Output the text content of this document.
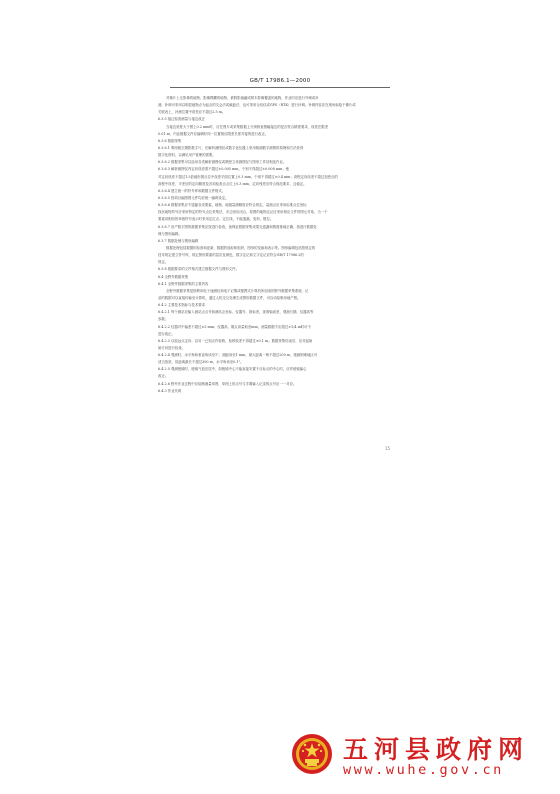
GB/T 17986.1—2000
对像片上无影像的地物、影像模糊的地物、被阴影遮蔽或树木影像覆盖的地物，作业时应进行外调或补
测，补调可采用以明显地物点为起点的交会法或截距法，也可采用全站仪或GPS（RTK）进行补调。补调内容应在现场标绘于像片或
关联表上，补测位置中误差应不超过2.5 m。
6.3.5 接边检查测量与接边改正
当接边宽度大于图上0.2 mm时，应在图片或采集数据上分别核查图幅接边的是否符合精度要求，误差在限差
0.01 m，内业数据文件应编辑好同一位置相应限差长度对接的进行改正。
6.3.6 数据采集
6.3.6.1 利用航空摄影数字片，在解析测图仪或数字化仪器上采用航测数字测图的原理和方法获得
数字化资料，以满足用户管理的需要。
6.3.6.2 数据采集可以选用各类解析测图仪或精密立体测图仪与图形工作站相连作业。
6.3.6.3 解析测图仪内定向误差需不超过±0.005 mm，个别不得超过±0.008 mm；绝
对定向误差不超过1.5倍地形图点位中误差平面位置上0.3 mm，个别不得超过±0.4 mm；高程定向误差不超过加密点的
高程中误差，平差后的定向精度及各项检查点点位上0.3 mm，定向残差应符合规范要求，且稳定。
6.3.6.4 建立统一的符号库和数据文件格式。
6.3.6.5 按项目编图图元件均应统一编码设定。
6.3.6.6 数据采集应不遗漏各类要素，地物、地貌量测精度应符合规定，量测点应采用标准点位坐标
线状地物符号应采用特定的符号点位采集法，多边形应闭合，原图的地物注记应采用相应文件的图元对象，当一个
要素用相同的单独符号表示时采用定位点、定位线，不能遗漏、变形、错位。
6.3.6.7 房产数字图的数据采集应按进行检查，备保证数据采集成果无遗漏和图面基础正确，再进行数据处
理与图形编辑。
6.3.7 数据处理与图形编辑
数据处理包括数据的检查和更新，数据的选取和组织，图形的变换和表示等。图形编辑包括按规定的
技术规定建立符号库，规定图形要素的层次及颜色，数字注记和文字注记应符合GB/T 17986.2的
规定。
6.3.8 根据要求的文件格式建立数据文件与图形文件。
6.4 全野外数据采集
6.4.1 全野外数据采集的主要内容
全野外数据采集是指利用电子速测仪和电子记簿或便携式计算机所组成的野外数据采集系统，记
录的数据可以直接传输至计算机，通过人机交互处理生成图形数据文件，可自动绘制房地产图。
6.4.2 主要技术指标与技术要求
6.4.2.1 每个测站应输入测站点点号和测站点坐标、仪器号、指标差、视准轴误差、观测日期、仪器高等
参数。
6.4.2.2 仪器对中偏差不超过±3 mm；仪器高、觇点高量取至mm，测量数据不应超过±1/4 m时可不
进行改正。
6.4.2.3 以较远点定向；以另一已知点作检核，检核较差不得超过±0.1 m。数据采集结束后，应对起始
始方向进行检查。
6.4.2.4 观测时，水平角和垂直角读至1"，测距读至1 mm，最大距离一般不超过200 m，施测困难地区可
适当放宽，但距离最长不超过300 m，水平角读至0.1"。
6.4.2.5 观测棱镜时，棱镜气泡应居中，如棱镜中心不能直接安置于目标点的中心时，应作棱镜偏心
改正。
6.4.2.6 野外作业过程中应绘制测量草图，草图上的点号与手簿输入记录的点号应一一对应。
6.4.3 作业代码
15
五河县政府网
www.wuhe.gov.cn
